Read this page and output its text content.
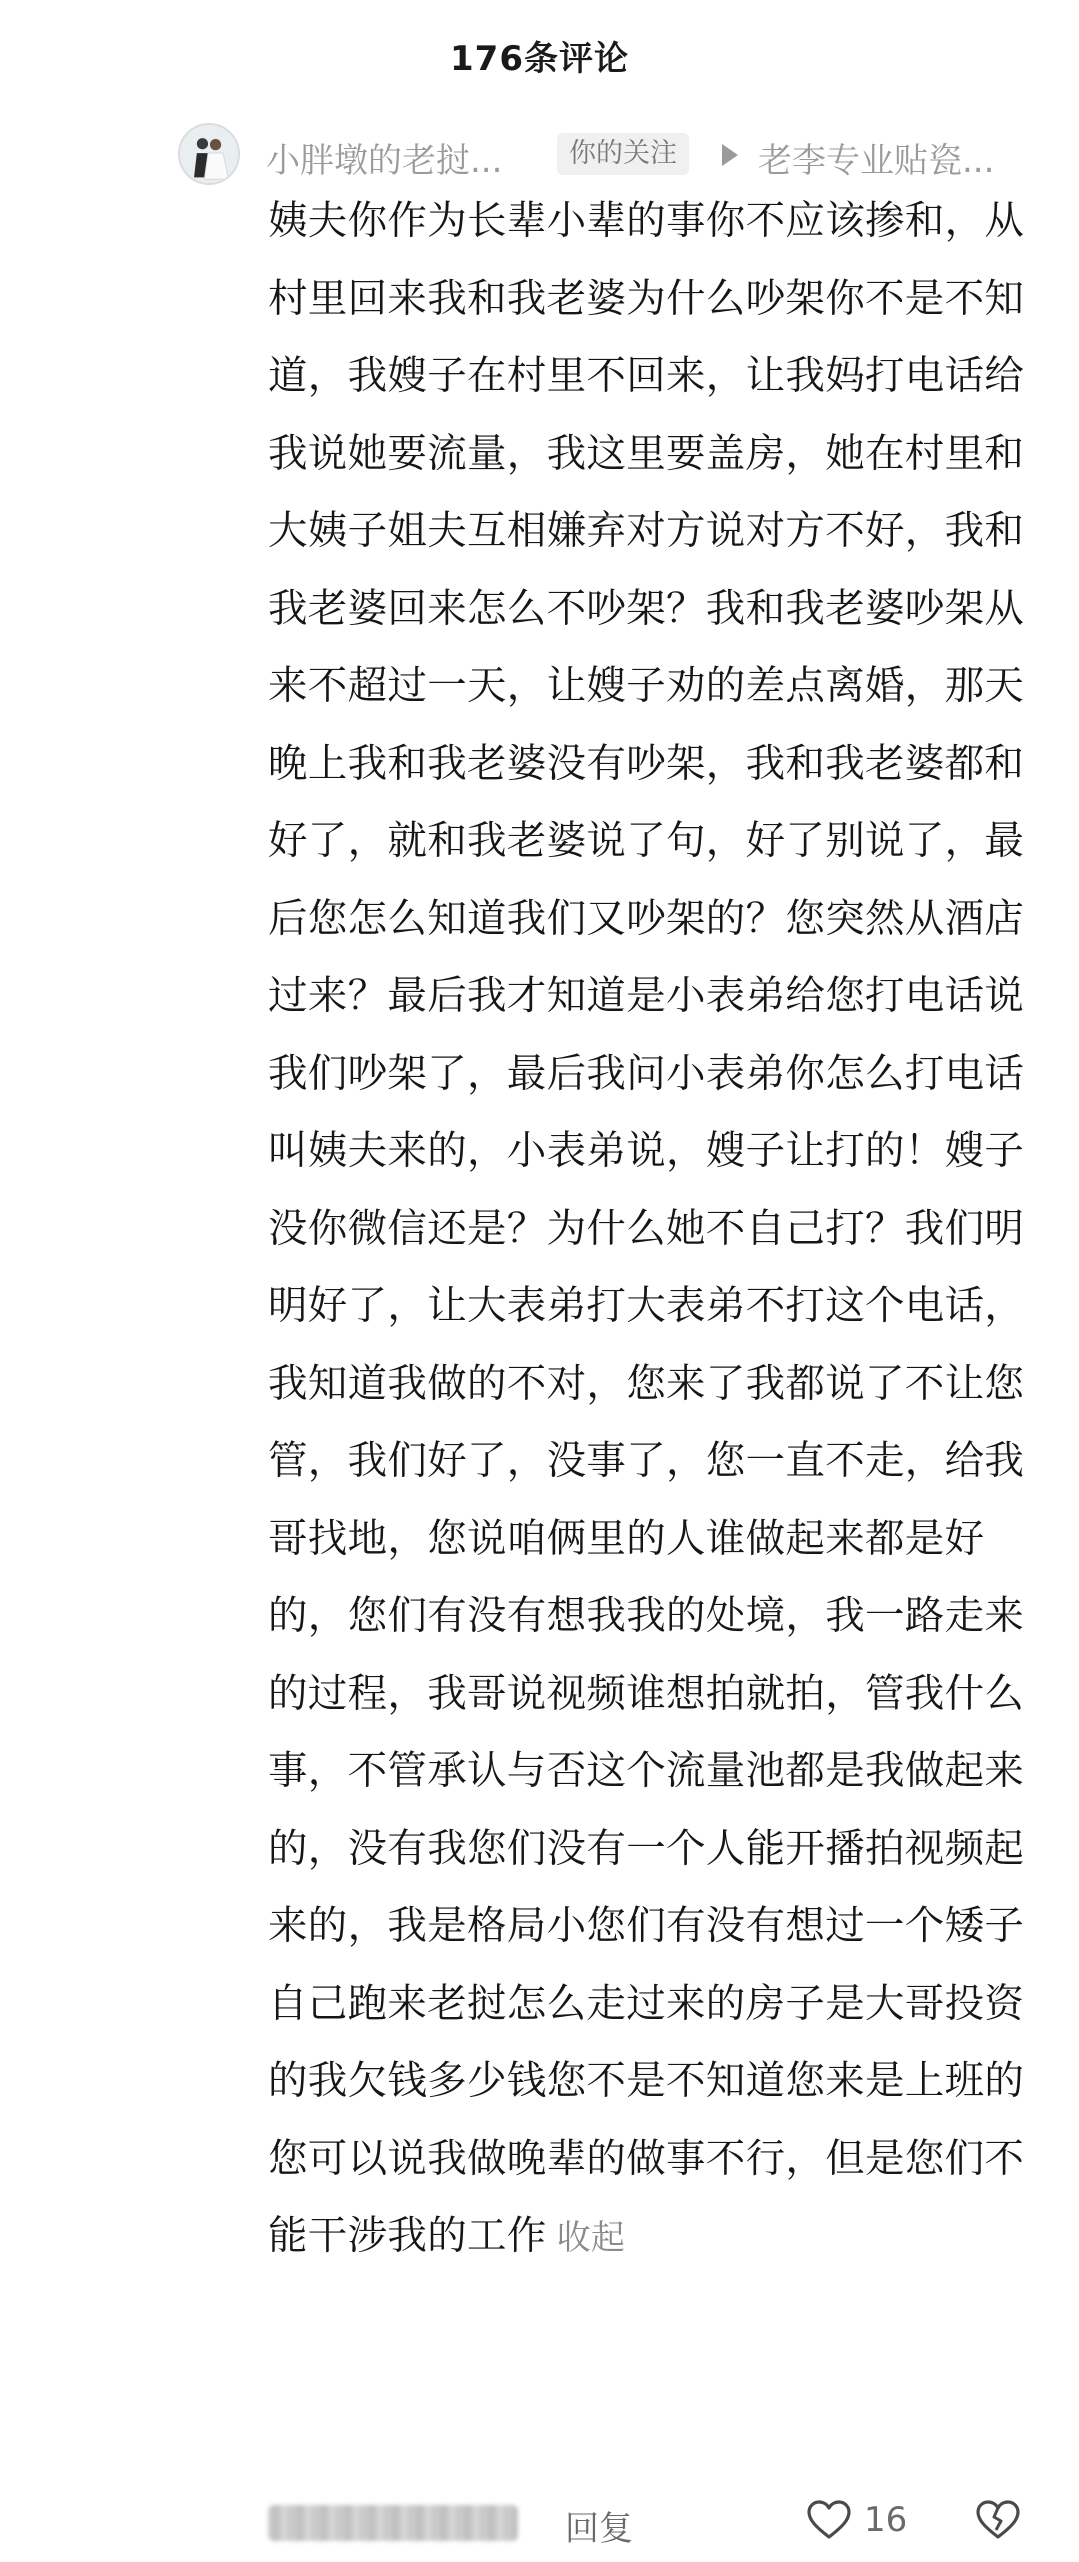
176条评论
小胖墩的老挝...	你的关注	老李专业贴瓷...
姨夫你作为长辈小辈的事你不应该掺和，从村里回来我和我老婆为什么吵架你不是不知道，我嫂子在村里不回来，让我妈打电话给我说她要流量，我这里要盖房，她在村里和大姨子姐夫互相嫌弃对方说对方不好，我和我老婆回来怎么不吵架？我和我老婆吵架从来不超过一天，让嫂子劝的差点离婚，那天晚上我和我老婆没有吵架，我和我老婆都和好了，就和我老婆说了句，好了别说了，最后您怎么知道我们又吵架的？您突然从酒店过来？最后我才知道是小表弟给您打电话说我们吵架了，最后我问小表弟你怎么打电话叫姨夫来的，小表弟说，嫂子让打的！嫂子没你微信还是？为什么她不自己打？我们明明好了，让大表弟打大表弟不打这个电话，我知道我做的不对，您来了我都说了不让您管，我们好了，没事了，您一直不走，给我哥找地，您说咱俩里的人谁做起来都是好的，您们有没有想我我的处境，我一路走来的过程，我哥说视频谁想拍就拍，管我什么事，不管承认与否这个流量池都是我做起来的，没有我您们没有一个人能开播拍视频起来的，我是格局小您们有没有想过一个矮子自己跑来老挝怎么走过来的房子是大哥投资的我欠钱多少钱您不是不知道您来是上班的您可以说我做晚辈的做事不行，但是您们不能干涉我的工作 收起
回复	16
